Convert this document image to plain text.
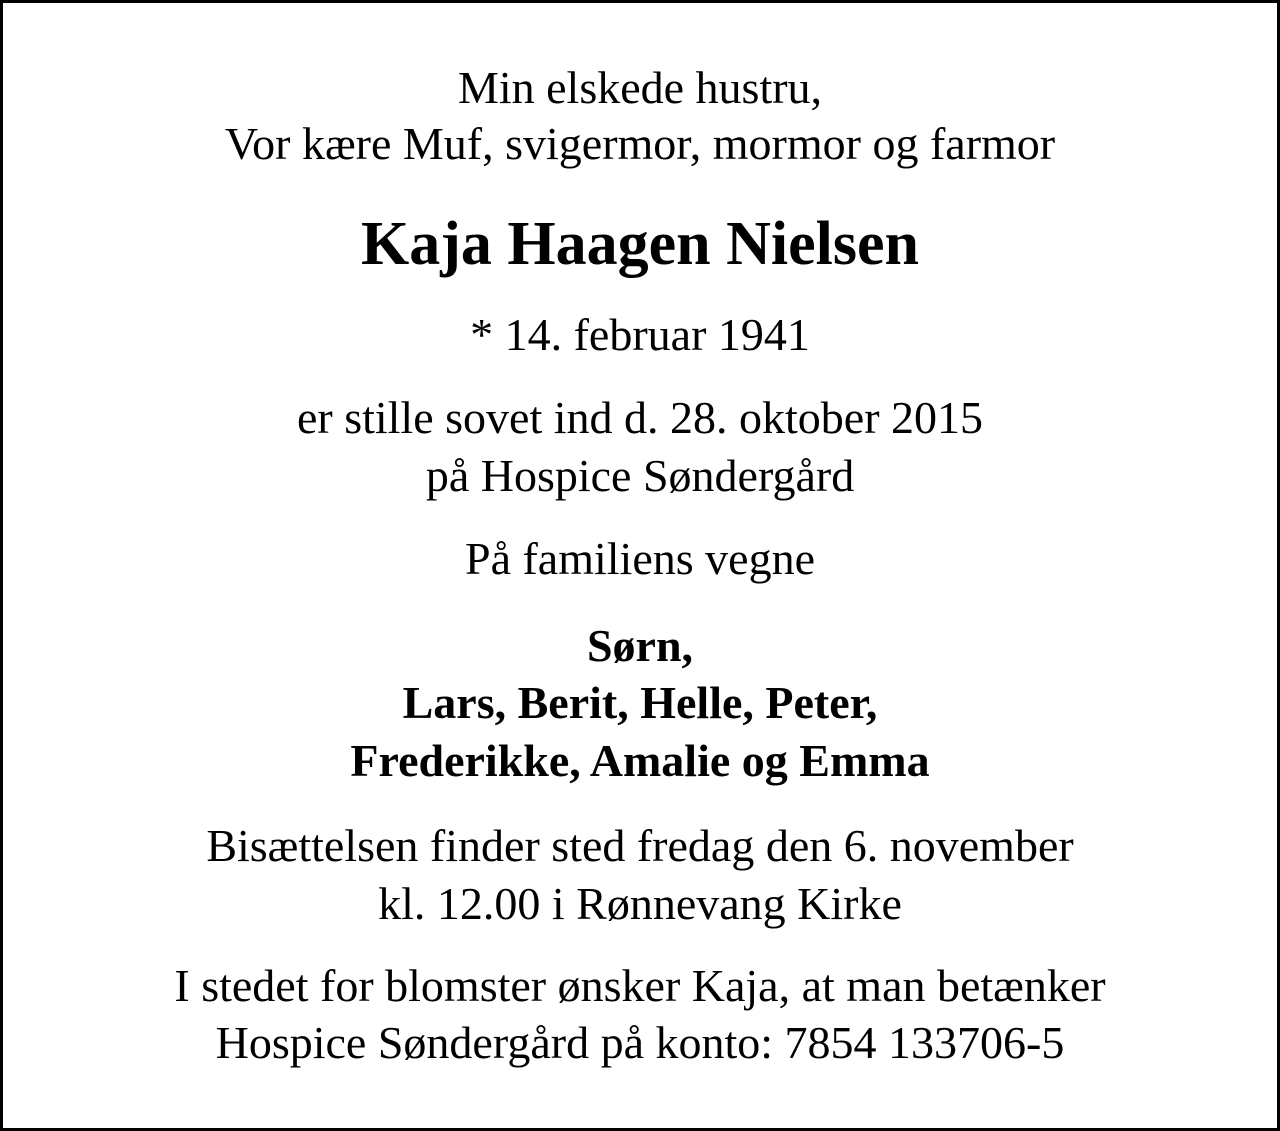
Min elskede hustru,
Vor kære Muf, svigermor, mormor og farmor
Kaja Haagen Nielsen
* 14. februar 1941
er stille sovet ind d. 28. oktober 2015
på Hospice Søndergård
På familiens vegne
Sørn,
Lars, Berit, Helle, Peter,
Frederikke, Amalie og Emma
Bisættelsen finder sted fredag den 6. november
kl. 12.00 i Rønnevang Kirke
I stedet for blomster ønsker Kaja, at man betænker
Hospice Søndergård på konto: 7854 133706-5
